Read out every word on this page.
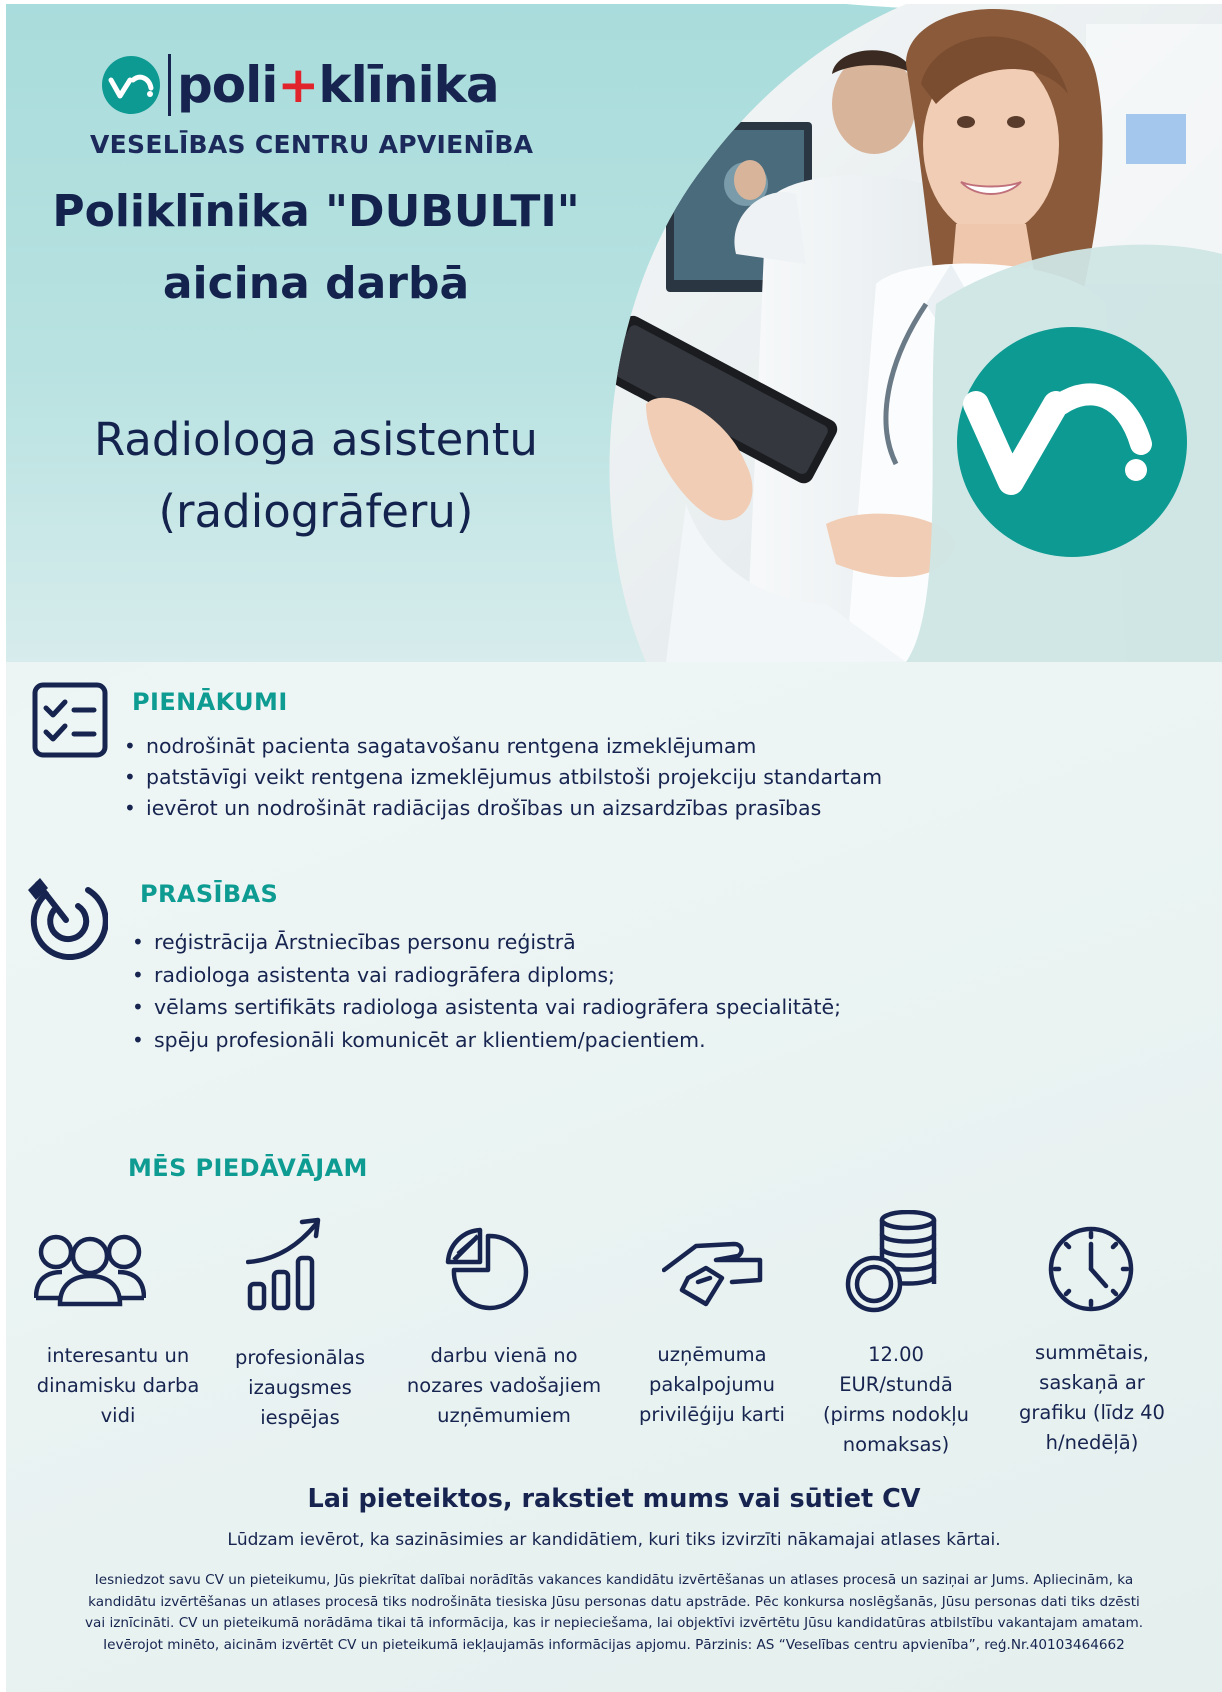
poli+klīnika
VESELĪBAS CENTRU APVIENĪBA
Poliklīnika "DUBULTI"
aicina darbā
Radiologa asistentu
(radiogrāferu)
PIENĀKUMI
• nodrošināt pacienta sagatavošanu rentgena izmeklējumam
• patstāvīgi veikt rentgena izmeklējumus atbilstoši projekciju standartam
• ievērot un nodrošināt radiācijas drošības un aizsardzības prasības
PRASĪBAS
• reģistrācija Ārstniecības personu reģistrā
• radiologa asistenta vai radiogrāfera diploms;
• vēlams sertifikāts radiologa asistenta vai radiogrāfera specialitātē;
• spēju profesionāli komunicēt ar klientiem/pacientiem.
MĒS PIEDĀVĀJAM
interesantu un
dinamisku darba
vidi
profesionālas
izaugsmes
iespējas
darbu vienā no
nozares vadošajiem
uzņēmumiem
uzņēmuma
pakalpojumu
privilēģiju karti
12.00
EUR/stundā
(pirms nodokļu
nomaksas)
summētais,
saskaņā ar
grafiku (līdz 40
h/nedēļā)
Lai pieteiktos, rakstiet mums vai sūtiet CV
Lūdzam ievērot, ka sazināsimies ar kandidātiem, kuri tiks izvirzīti nākamajai atlases kārtai.
Iesniedzot savu CV un pieteikumu, Jūs piekrītat dalībai norādītās vakances kandidātu izvērtēšanas un atlases procesā un saziņai ar Jums. Apliecinām, ka
kandidātu izvērtēšanas un atlases procesā tiks nodrošināta tiesiska Jūsu personas datu apstrāde. Pēc konkursa noslēgšanās, Jūsu personas dati tiks dzēsti
vai iznīcināti. CV un pieteikumā norādāma tikai tā informācija, kas ir nepieciešama, lai objektīvi izvērtētu Jūsu kandidatūras atbilstību vakantajam amatam.
Ievērojot minēto, aicinām izvērtēt CV un pieteikumā iekļaujamās informācijas apjomu. Pārzinis: AS “Veselības centru apvienība”, reģ.Nr.40103464662
